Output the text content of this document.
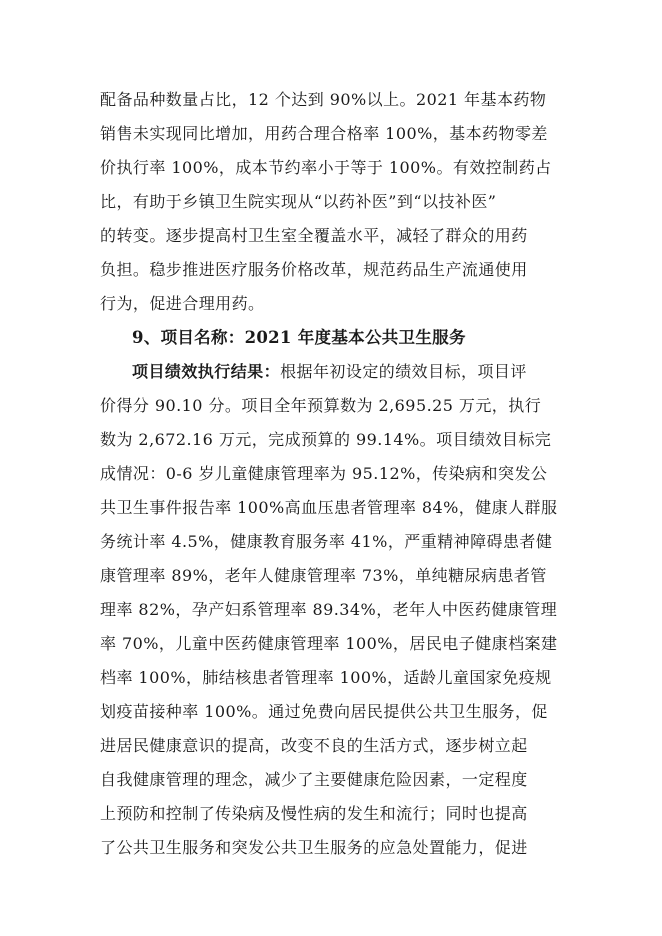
配备品种数量占比，12 个达到 90%以上。2021 年基本药物
销售未实现同比增加，用药合理合格率 100%，基本药物零差
价执行率 100%，成本节约率小于等于 100%。有效控制药占
比，有助于乡镇卫生院实现从“以药补医”到“以技补医”
的转变。逐步提高村卫生室全覆盖水平，减轻了群众的用药
负担。稳步推进医疗服务价格改革，规范药品生产流通使用
行为，促进合理用药。
9、项目名称：2021 年度基本公共卫生服务
项目绩效执行结果：根据年初设定的绩效目标，项目评
价得分 90.10 分。项目全年预算数为 2,695.25 万元，执行
数为 2,672.16 万元，完成预算的 99.14%。项目绩效目标完
成情况：0-6 岁儿童健康管理率为 95.12%，传染病和突发公
共卫生事件报告率 100%高血压患者管理率 84%，健康人群服
务统计率 4.5%，健康教育服务率 41%，严重精神障碍患者健
康管理率 89%，老年人健康管理率 73%，单纯糖尿病患者管
理率 82%，孕产妇系管理率 89.34%，老年人中医药健康管理
率 70%，儿童中医药健康管理率 100%，居民电子健康档案建
档率 100%，肺结核患者管理率 100%，适龄儿童国家免疫规
划疫苗接种率 100%。通过免费向居民提供公共卫生服务，促
进居民健康意识的提高，改变不良的生活方式，逐步树立起
自我健康管理的理念，减少了主要健康危险因素，一定程度
上预防和控制了传染病及慢性病的发生和流行；同时也提高
了公共卫生服务和突发公共卫生服务的应急处置能力，促进
